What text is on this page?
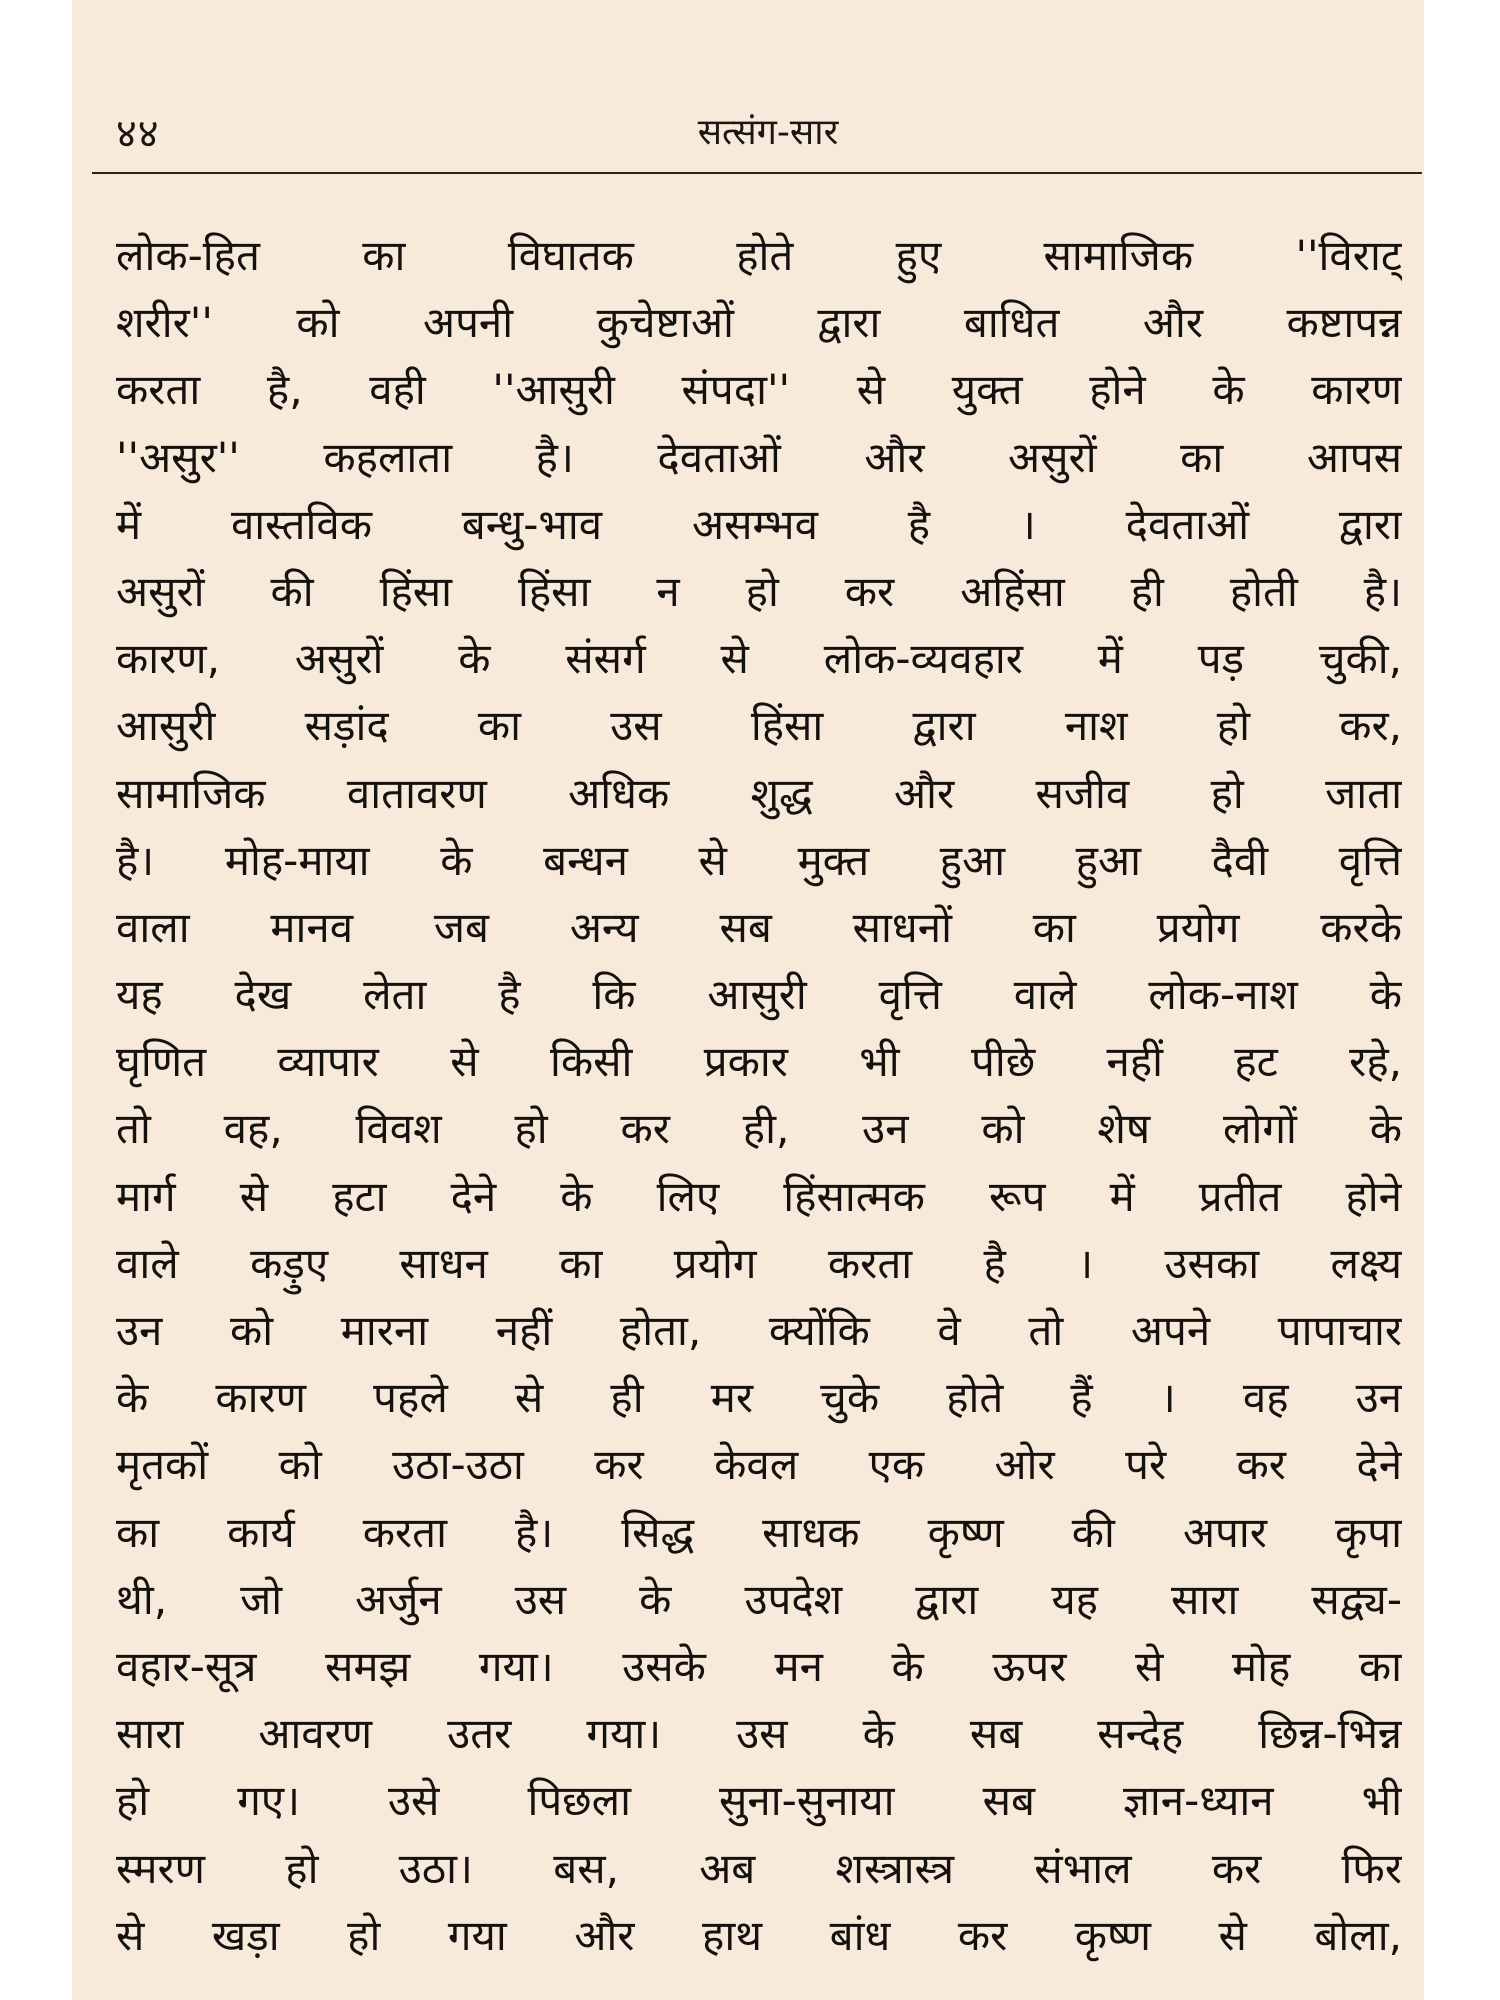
४४	सत्संग-सार
लोक-हित का विघातक होते हुए सामाजिक ''विराट्
शरीर'' को अपनी कुचेष्टाओं द्वारा बाधित और कष्टापन्न
करता है, वही ''आसुरी संपदा'' से युक्त होने के कारण
''असुर'' कहलाता है। देवताओं और असुरों का आपस
में वास्तविक बन्धु-भाव असम्भव है । देवताओं द्वारा
असुरों की हिंसा हिंसा न हो कर अहिंसा ही होती है।
कारण, असुरों के संसर्ग से लोक-व्यवहार में पड़ चुकी,
आसुरी सड़ांद का उस हिंसा द्वारा नाश हो कर,
सामाजिक वातावरण अधिक शुद्ध और सजीव हो जाता
है। मोह-माया के बन्धन से मुक्त हुआ हुआ दैवी वृत्ति
वाला मानव जब अन्य सब साधनों का प्रयोग करके
यह देख लेता है कि आसुरी वृत्ति वाले लोक-नाश के
घृणित व्यापार से किसी प्रकार भी पीछे नहीं हट रहे,
तो वह, विवश हो कर ही, उन को शेष लोगों के
मार्ग से हटा देने के लिए हिंसात्मक रूप में प्रतीत होने
वाले कड़ुए साधन का प्रयोग करता है । उसका लक्ष्य
उन को मारना नहीं होता, क्योंकि वे तो अपने पापाचार
के कारण पहले से ही मर चुके होते हैं । वह उन
मृतकों को उठा-उठा कर केवल एक ओर परे कर देने
का कार्य करता है। सिद्ध साधक कृष्ण की अपार कृपा
थी, जो अर्जुन उस के उपदेश द्वारा यह सारा सद्व्य-
वहार-सूत्र समझ गया। उसके मन के ऊपर से मोह का
सारा आवरण उतर गया। उस के सब सन्देह छिन्न-भिन्न
हो गए। उसे पिछला सुना-सुनाया सब ज्ञान-ध्यान भी
स्मरण हो उठा। बस, अब शस्त्रास्त्र संभाल कर फिर
से खड़ा हो गया और हाथ बांध कर कृष्ण से बोला,
